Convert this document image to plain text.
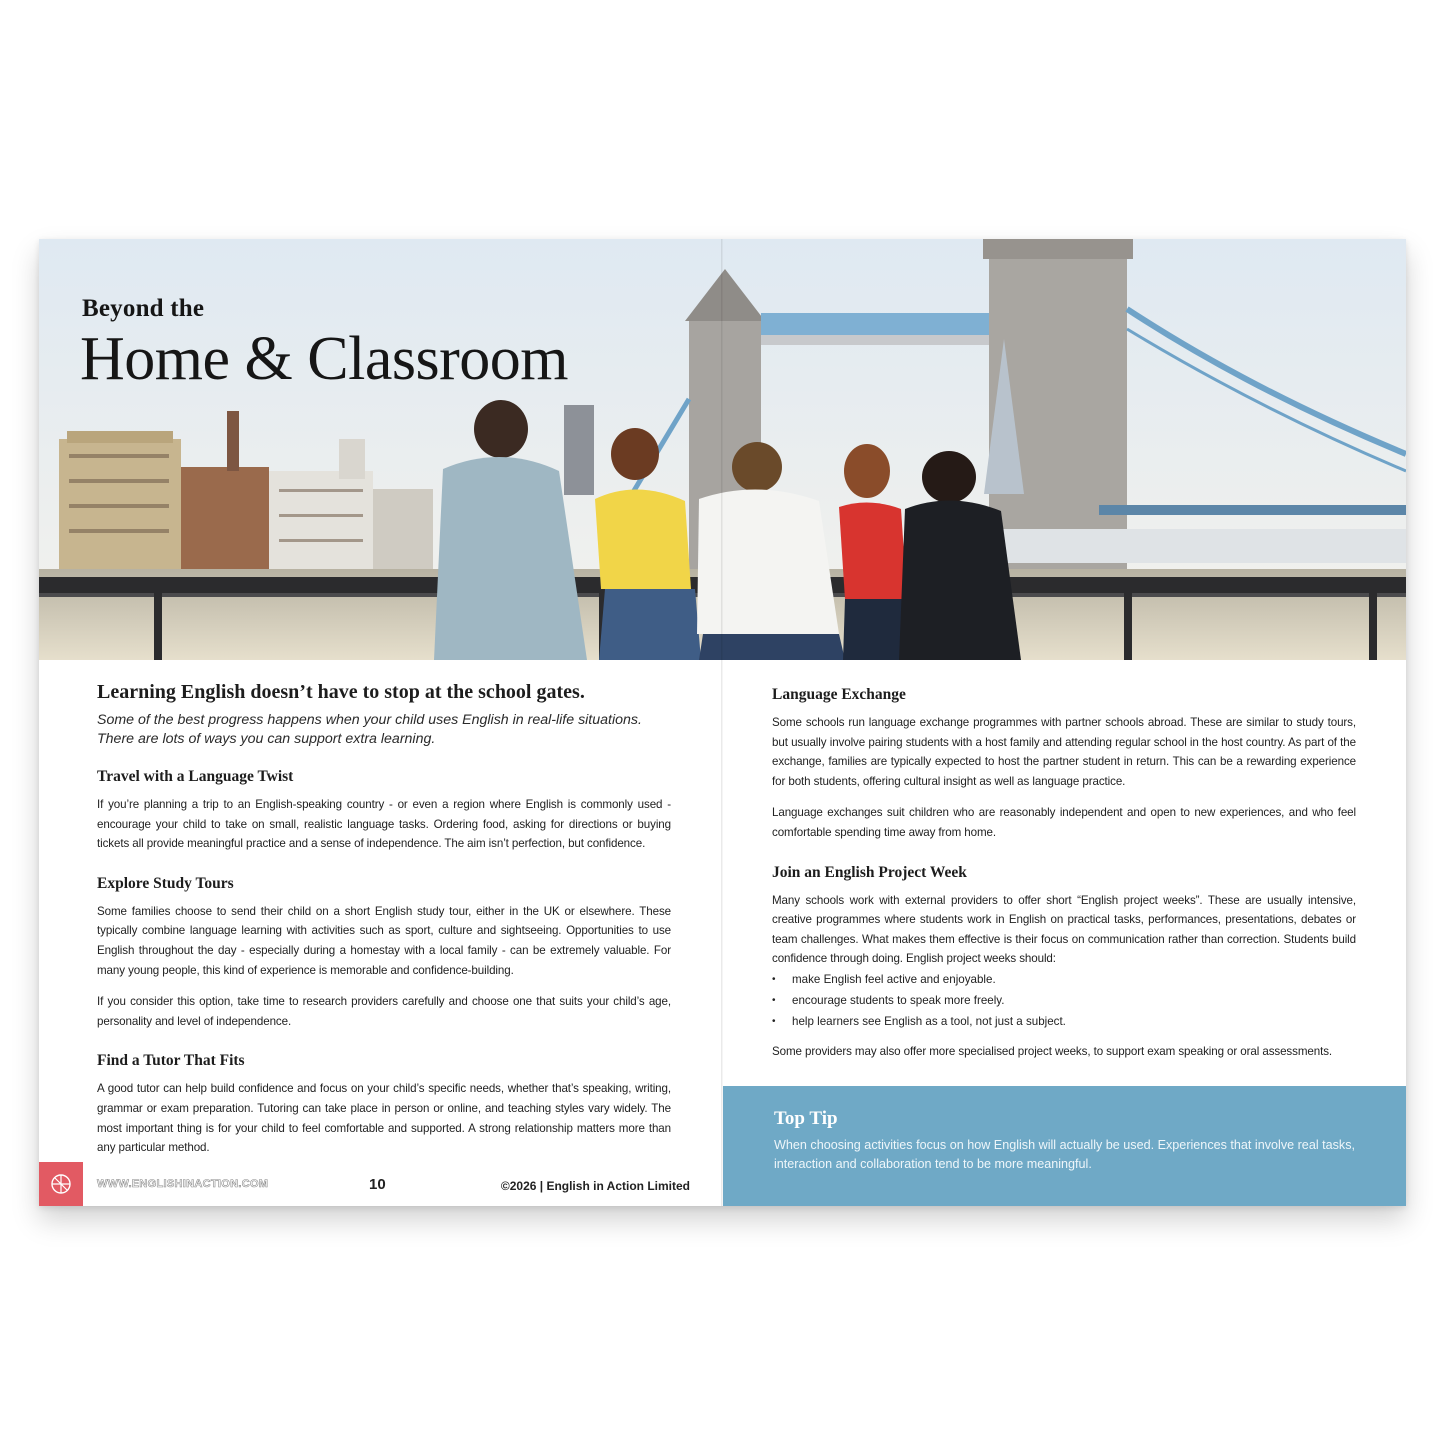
Beyond the

Home & Classroom
Learning English doesn’t have to stop at the school gates.

Some of the best progress happens when your child uses English in real-life situations. There are lots of ways you can support extra learning.

Travel with a Language Twist

If you’re planning a trip to an English-speaking country - or even a region where English is commonly used - encourage your child to take on small, realistic language tasks. Ordering food, asking for directions or buying tickets all provide meaningful practice and a sense of independence. The aim isn’t perfection, but confidence.

Explore Study Tours

Some families choose to send their child on a short English study tour, either in the UK or elsewhere. These typically combine language learning with activities such as sport, culture and sightseeing. Opportunities to use English throughout the day - especially during a homestay with a local family - can be extremely valuable. For many young people, this kind of experience is memorable and confidence-building.

If you consider this option, take time to research providers carefully and choose one that suits your child’s age, personality and level of independence.

Find a Tutor That Fits

A good tutor can help build confidence and focus on your child’s specific needs, whether that’s speaking, writing, grammar or exam preparation. Tutoring can take place in person or online, and teaching styles vary widely. The most important thing is for your child to feel comfortable and supported. A strong relationship matters more than any particular method.

Language Exchange

Some schools run language exchange programmes with partner schools abroad. These are similar to study tours, but usually involve pairing students with a host family and attending regular school in the host country. As part of the exchange, families are typically expected to host the partner student in return. This can be a rewarding experience for both students, offering cultural insight as well as language practice.

Language exchanges suit children who are reasonably independent and open to new experiences, and who feel comfortable spending time away from home.

Join an English Project Week

Many schools work with external providers to offer short “English project weeks”. These are usually intensive, creative programmes where students work in English on practical tasks, performances, presentations, debates or team challenges. What makes them effective is their focus on communication rather than correction. Students build confidence through doing. English project weeks should:

• make English feel active and enjoyable.
• encourage students to speak more freely.
• help learners see English as a tool, not just a subject.

Some providers may also offer more specialised project weeks, to support exam speaking or oral assessments.

Top Tip

When choosing activities focus on how English will actually be used. Experiences that involve real tasks, interaction and collaboration tend to be more meaningful.

WWW.ENGLISHINACTION.COM	10	©2026 | English in Action Limited
